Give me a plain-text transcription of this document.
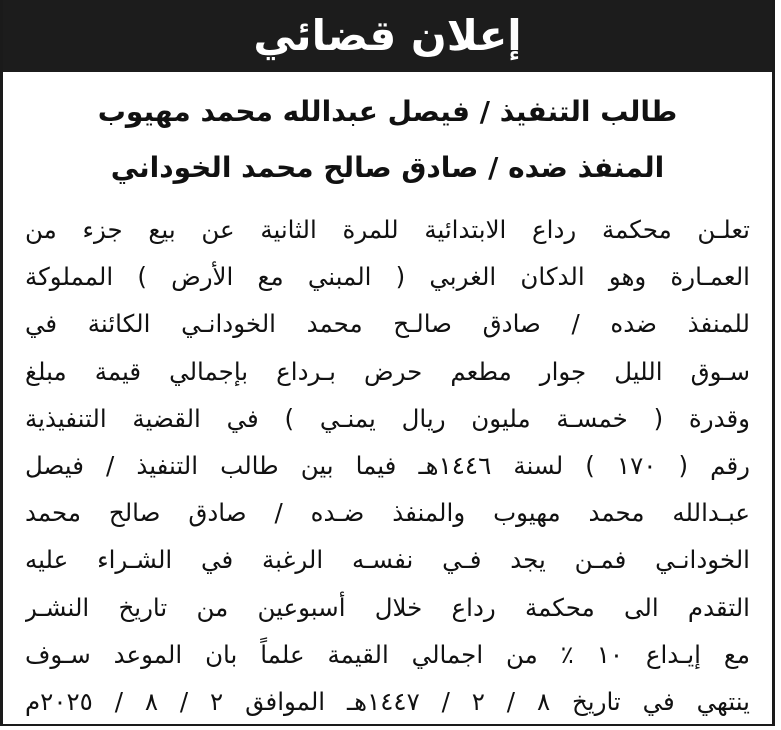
إعلان قضائي
طالب التنفيذ / فيصل عبدالله محمد مهيوب
المنفذ ضده / صادق صالح محمد الخوداني
تعلـن محكمة رداع الابتدائية للمرة الثانية عن بيع جزء من
العمـارة وهو الدكان الغربي ( المبني مع الأرض ) المملوكة
للمنفذ ضده / صادق صالـح محمد الخودانـي الكائنة في
سـوق الليل جوار مطعم حرض بـرداع بإجمالي قيمة مبلغ
وقدرة ( خمسـة مليون ريال يمنـي ) في القضية التنفيذية
رقم ( ١٧٠ ) لسنة ١٤٤٦هـ فيما بين طالب التنفيذ / فيصل
عبـدالله محمد مهيوب والمنفذ ضـده / صادق صالح محمد
الخودانـي فمـن يجد فـي نفسـه الرغبة في الشـراء عليه
التقدم الى محكمة رداع خلال أسبوعين من تاريخ النشـر
مع إيـداع ١٠ ٪ من اجمالي القيمة علماً بان الموعد سـوف
ينتهي في تاريخ ٨ / ٢ / ١٤٤٧هـ الموافق ٢ / ٨ / ٢٠٢٥م
